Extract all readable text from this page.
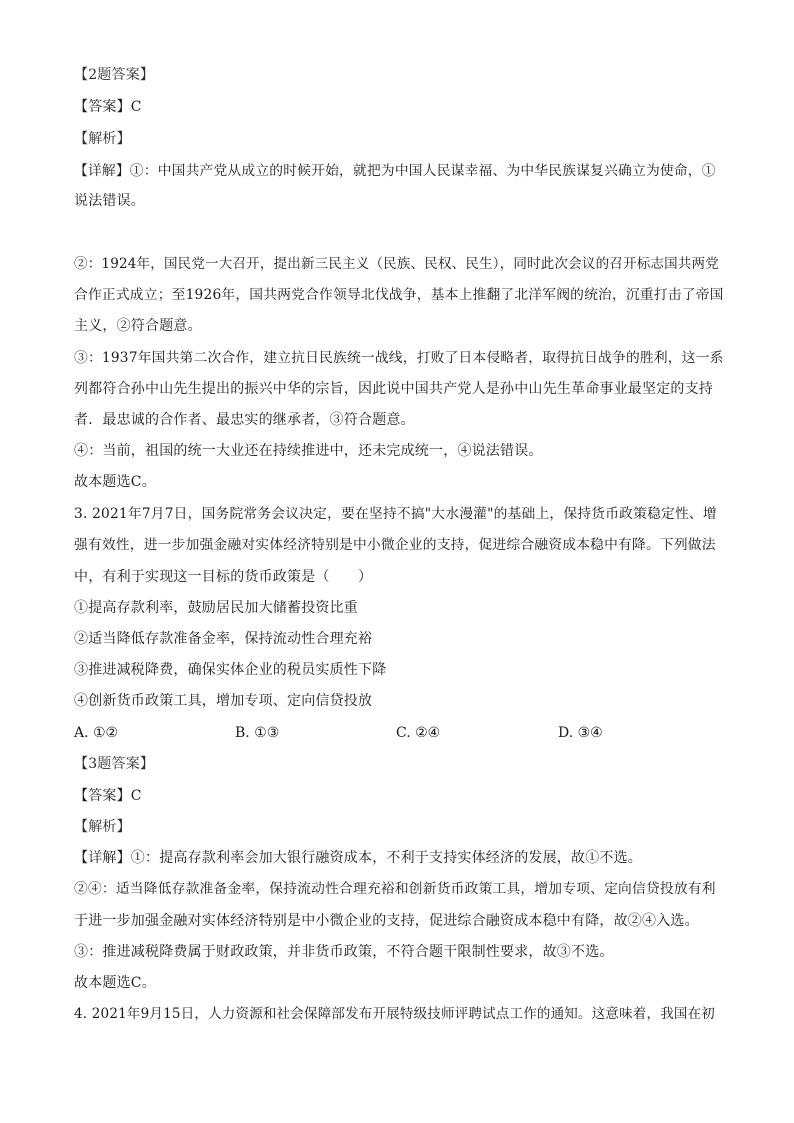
【2题答案】
【答案】C
【解析】
【详解】①：中国共产党从成立的时候开始，就把为中国人民谋幸福、为中华民族谋复兴确立为使命，①
说法错误。
②：1924年，国民党一大召开，提出新三民主义（民族、民权、民生），同时此次会议的召开标志国共两党
合作正式成立；至1926年，国共两党合作领导北伐战争，基本上推翻了北洋军阀的统治，沉重打击了帝国
主义，②符合题意。
③：1937年国共第二次合作，建立抗日民族统一战线，打败了日本侵略者，取得抗日战争的胜利，这一系
列都符合孙中山先生提出的振兴中华的宗旨，因此说中国共产党人是孙中山先生革命事业最坚定的支持
者．最忠诚的合作者、最忠实的继承者，③符合题意。
④：当前，祖国的统一大业还在持续推进中，还未完成统一，④说法错误。
故本题选C。
3. 2021年7月7日，国务院常务会议决定，要在坚持不搞"大水漫灌"的基础上，保持货币政策稳定性、增
强有效性，进一步加强金融对实体经济特别是中小微企业的支持，促进综合融资成本稳中有降。下列做法
中，有利于实现这一目标的货币政策是（　　）
①提高存款利率，鼓励居民加大储蓄投资比重
②适当降低存款准备金率，保持流动性合理充裕
③推进减税降费，确保实体企业的税员实质性下降
④创新货币政策工具，增加专项、定向信贷投放
A. ①②	B. ①③	C. ②④	D. ③④
【3题答案】
【答案】C
【解析】
【详解】①：提高存款利率会加大银行融资成本，不利于支持实体经济的发展，故①不选。
②④：适当降低存款准备金率，保持流动性合理充裕和创新货币政策工具，增加专项、定向信贷投放有利
于进一步加强金融对实体经济特别是中小微企业的支持，促进综合融资成本稳中有降，故②④入选。
③：推进减税降费属于财政政策，并非货币政策，不符合题干限制性要求，故③不选。
故本题选C。
4. 2021年9月15日，人力资源和社会保障部发布开展特级技师评聘试点工作的通知。这意味着，我国在初
